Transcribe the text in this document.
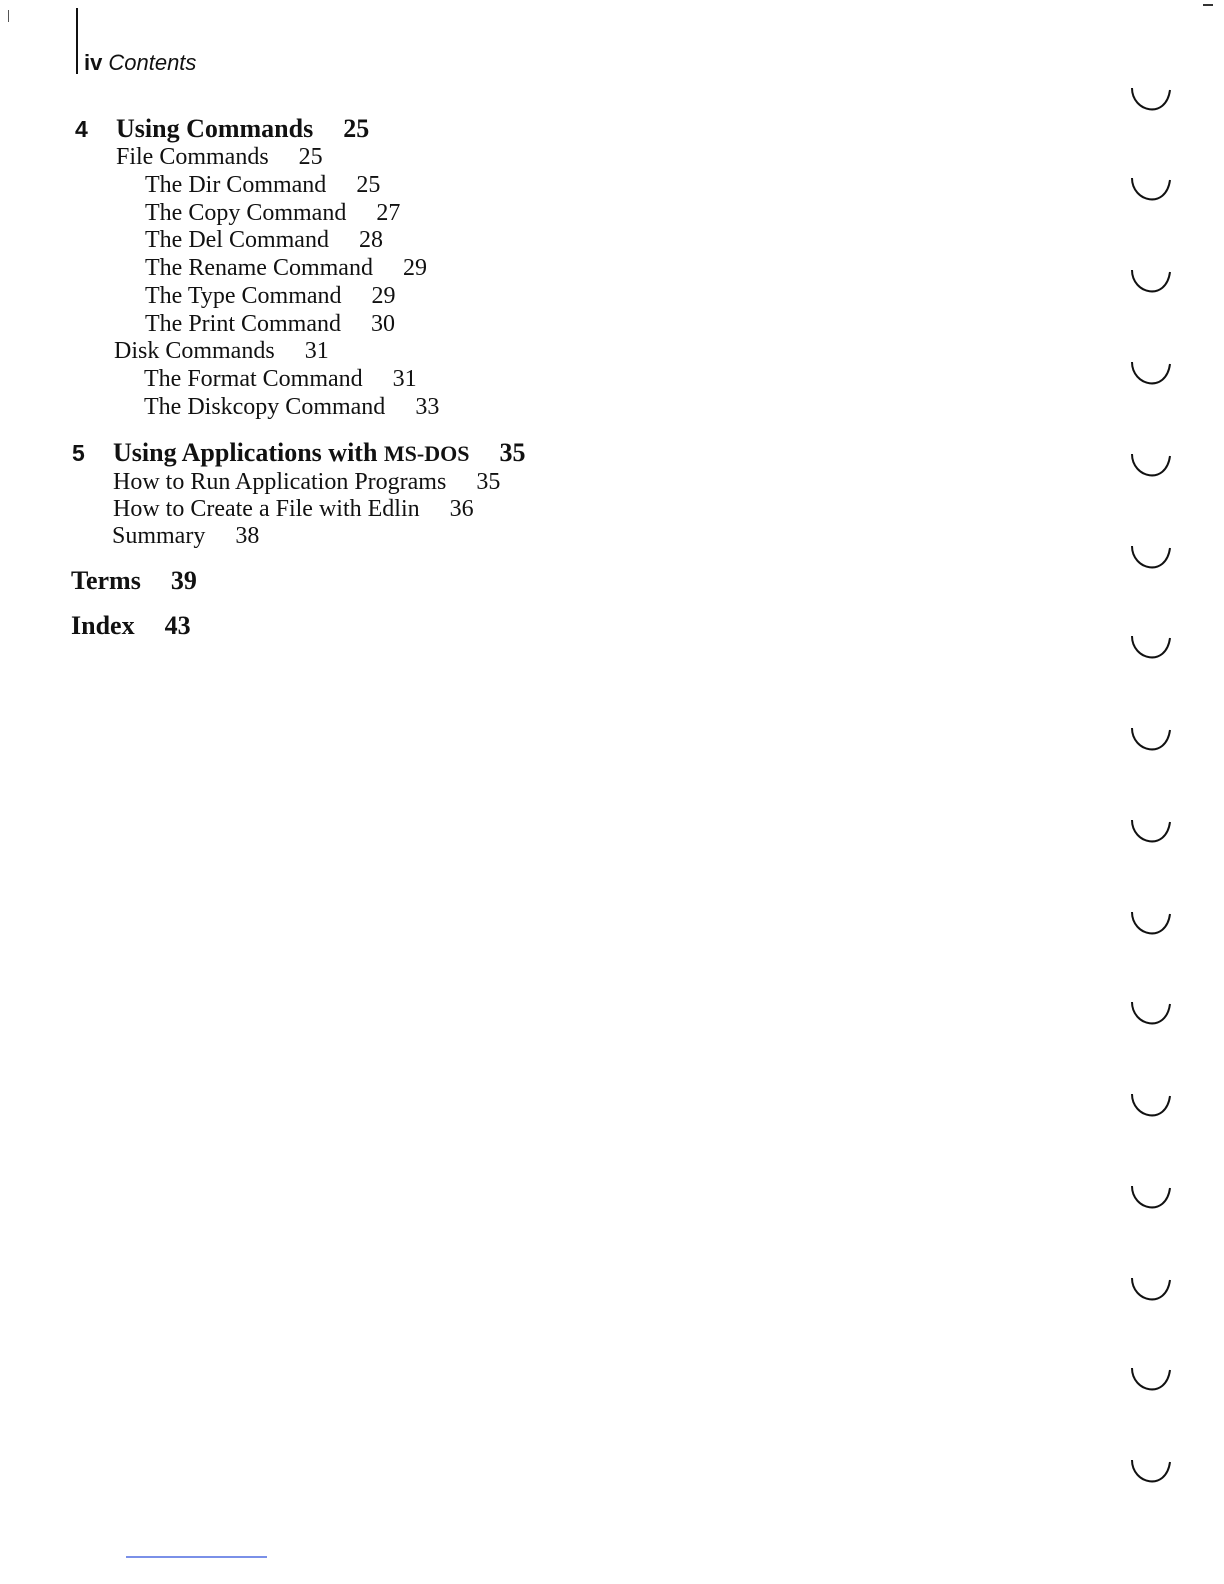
iv Contents
4 Using Commands 25
File Commands 25
The Dir Command 25
The Copy Command 27
The Del Command 28
The Rename Command 29
The Type Command 29
The Print Command 30
Disk Commands 31
The Format Command 31
The Diskcopy Command 33
5 Using Applications with MS-DOS 35
How to Run Application Programs 35
How to Create a File with Edlin 36
Summary 38
Terms 39
Index 43
